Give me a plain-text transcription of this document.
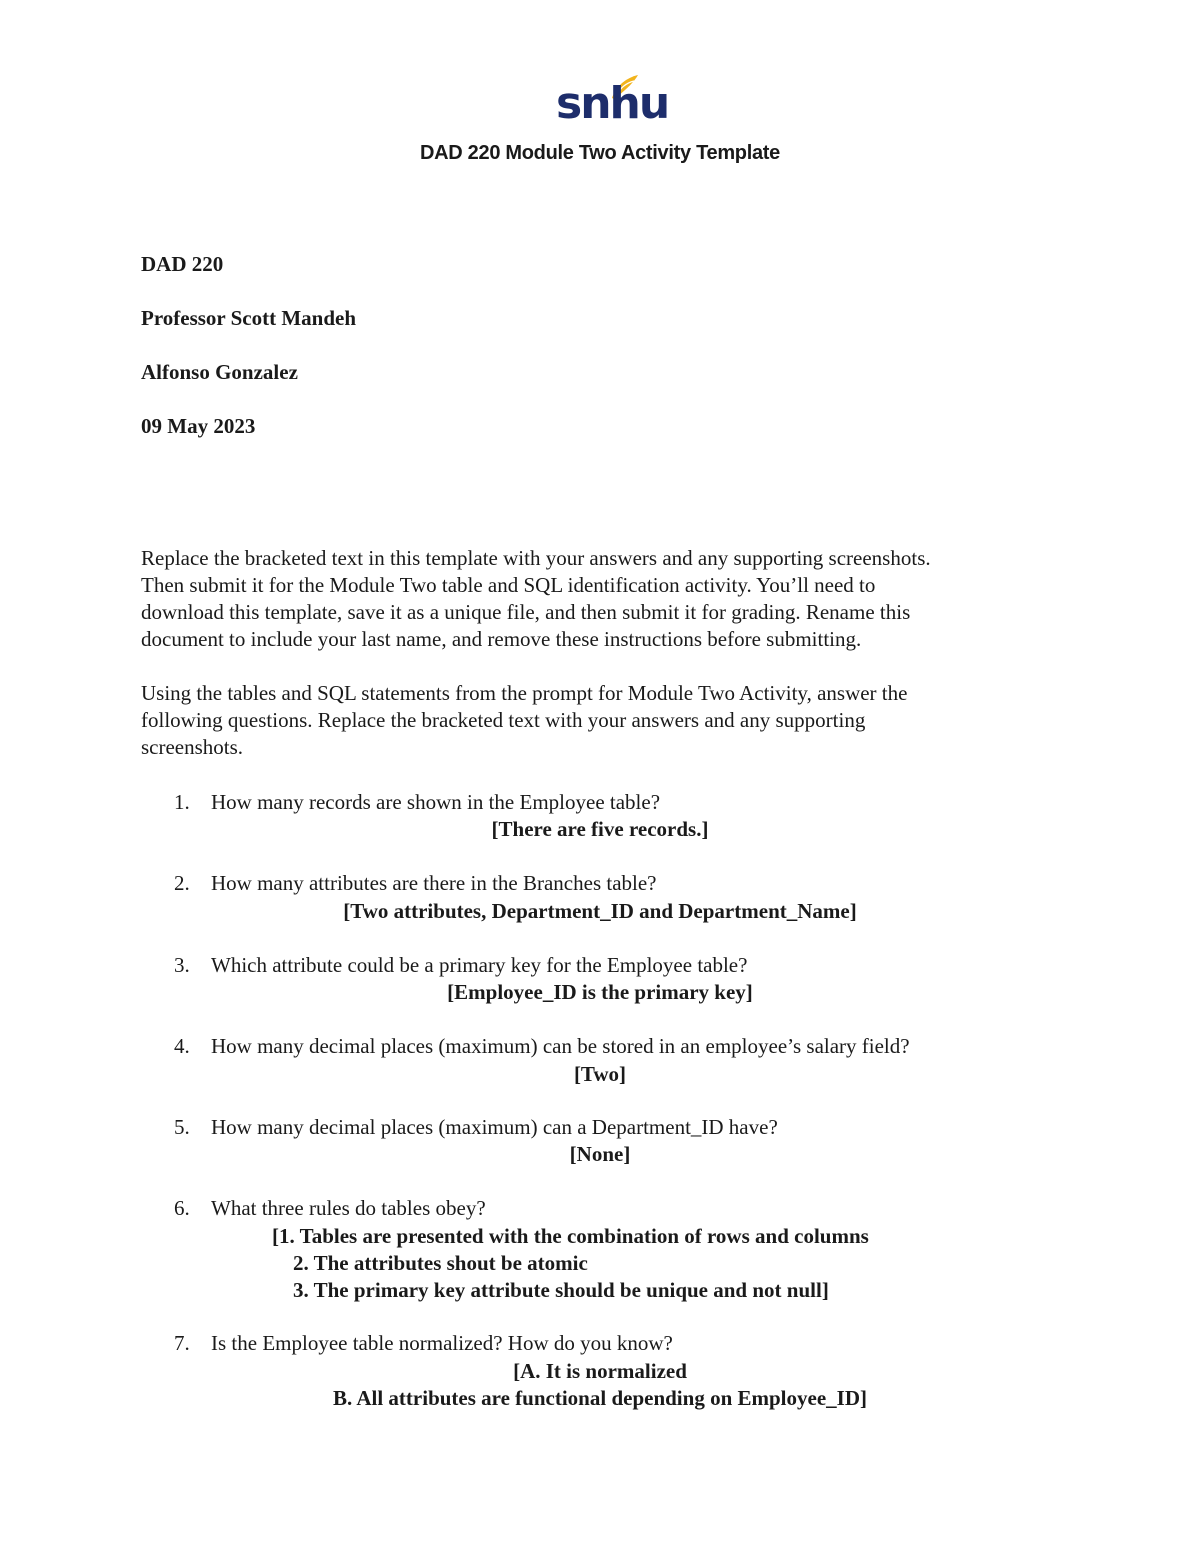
snhu
DAD 220 Module Two Activity Template
DAD 220
Professor Scott Mandeh
Alfonso Gonzalez
09 May 2023
Replace the bracketed text in this template with your answers and any supporting screenshots.
Then submit it for the Module Two table and SQL identification activity. You’ll need to
download this template, save it as a unique file, and then submit it for grading. Rename this
document to include your last name, and remove these instructions before submitting.
Using the tables and SQL statements from the prompt for Module Two Activity, answer the
following questions. Replace the bracketed text with your answers and any supporting
screenshots.
1. How many records are shown in the Employee table?
[There are five records.]
2. How many attributes are there in the Branches table?
[Two attributes, Department_ID and Department_Name]
3. Which attribute could be a primary key for the Employee table?
[Employee_ID is the primary key]
4. How many decimal places (maximum) can be stored in an employee’s salary field?
[Two]
5. How many decimal places (maximum) can a Department_ID have?
[None]
6. What three rules do tables obey?
[1. Tables are presented with the combination of rows and columns
2. The attributes shout be atomic
3. The primary key attribute should be unique and not null]
7. Is the Employee table normalized? How do you know?
[A. It is normalized
B. All attributes are functional depending on Employee_ID]
